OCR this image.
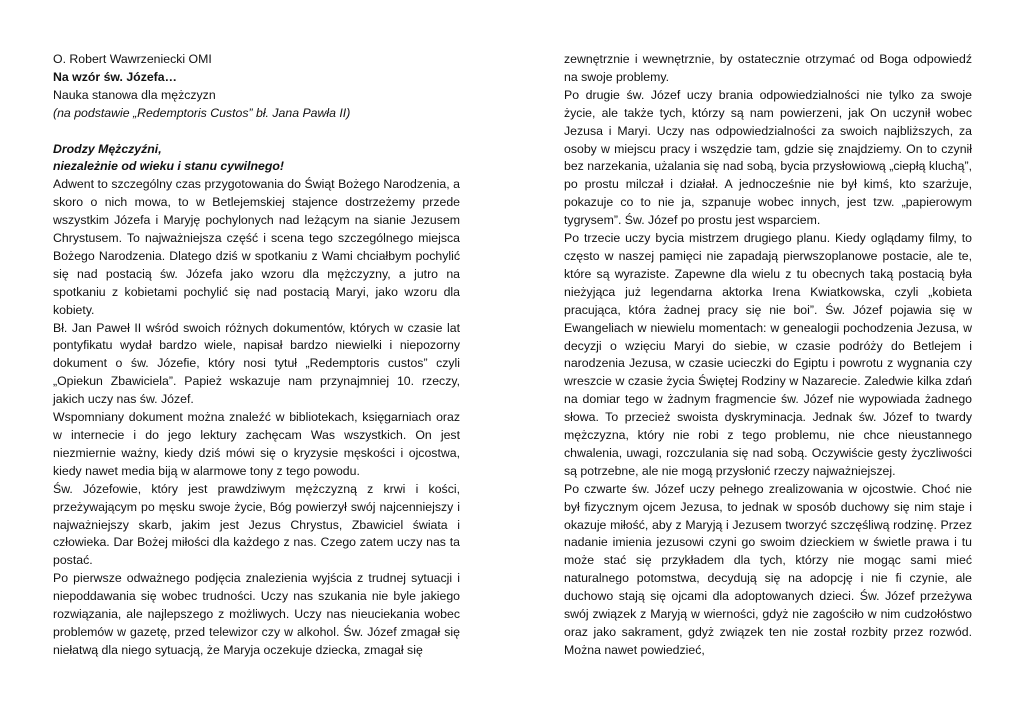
O. Robert Wawrzeniecki OMI

Na wzór św. Józefa…

Nauka stanowa dla mężczyzn

(na podstawie „Redemptoris Custos” bł. Jana Pawła II)

Drodzy Mężczyźni,

niezależnie od wieku i stanu cywilnego!

Adwent to szczególny czas przygotowania do Świąt Bożego Narodzenia, a skoro o nich mowa, to w Betlejemskiej stajence dostrzeżemy przede wszystkim Józefa i Maryję pochylonych nad leżącym na sianie Jezusem Chrystusem. To najważniejsza część i scena tego szczególnego miejsca Bożego Narodzenia. Dlatego dziś w spotkaniu z Wami chciałbym pochylić się nad postacią św. Józefa jako wzoru dla mężczyzny, a jutro na spotkaniu z kobietami pochylić się nad postacią Maryi, jako wzoru dla kobiety.

Bł. Jan Paweł II wśród swoich różnych dokumentów, których w czasie lat pontyfikatu wydał bardzo wiele, napisał bardzo niewielki i niepozorny dokument o św. Józefie, który nosi tytuł „Redemptoris custos” czyli „Opiekun Zbawiciela”. Papież wskazuje nam przynajmniej 10. rzeczy, jakich uczy nas św. Józef.

Wspomniany dokument można znaleźć w bibliotekach, księgarniach oraz w internecie i do jego lektury zachęcam Was wszystkich. On jest niezmiernie ważny, kiedy dziś mówi się o kryzysie męskości i ojcostwa, kiedy nawet media biją w alarmowe tony z tego powodu.

Św. Józefowie, który jest prawdziwym mężczyzną z krwi i kości, przeżywającym po męsku swoje życie, Bóg powierzył swój najcenniejszy i najważniejszy skarb, jakim jest Jezus Chrystus, Zbawiciel świata i człowieka. Dar Bożej miłości dla każdego z nas. Czego zatem uczy nas ta postać.

Po pierwsze odważnego podjęcia znalezienia wyjścia z trudnej sytuacji i niepoddawania się wobec trudności. Uczy nas szukania nie byle jakiego rozwiązania, ale najlepszego z możliwych. Uczy nas nieuciekania wobec problemów w gazetę, przed telewizor czy w alkohol. Św. Józef zmagał się niełatwą dla niego sytuacją, że Maryja oczekuje dziecka, zmagał się

zewnętrznie i wewnętrznie, by ostatecznie otrzymać od Boga odpowiedź na swoje problemy.

Po drugie św. Józef uczy brania odpowiedzialności nie tylko za swoje życie, ale także tych, którzy są nam powierzeni, jak On uczynił wobec Jezusa i Maryi. Uczy nas odpowiedzialności za swoich najbliższych, za osoby w miejscu pracy i wszędzie tam, gdzie się znajdziemy. On to czynił bez narzekania, użalania się nad sobą, bycia przysłowiową „ciepłą kluchą”, po prostu milczał i działał. A jednocześnie nie był kimś, kto szarżuje, pokazuje co to nie ja, szpanuje wobec innych, jest tzw. „papierowym tygrysem”. Św. Józef po prostu jest wsparciem.

Po trzecie uczy bycia mistrzem drugiego planu. Kiedy oglądamy filmy, to często w naszej pamięci nie zapadają pierwszoplanowe postacie, ale te, które są wyraziste. Zapewne dla wielu z tu obecnych taką postacią była nieżyjąca już legendarna aktorka Irena Kwiatkowska, czyli „kobieta pracująca, która żadnej pracy się nie boi”. Św. Józef pojawia się w Ewangeliach w niewielu momentach: w genealogii pochodzenia Jezusa, w decyzji o wzięciu Maryi do siebie, w czasie podróży do Betlejem i narodzenia Jezusa, w czasie ucieczki do Egiptu i powrotu z wygnania czy wreszcie w czasie życia Świętej Rodziny w Nazarecie. Zaledwie kilka zdań na domiar tego w żadnym fragmencie św. Józef nie wypowiada żadnego słowa. To przecież swoista dyskryminacja. Jednak św. Józef to twardy mężczyzna, który nie robi z tego problemu, nie chce nieustannego chwalenia, uwagi, rozczulania się nad sobą. Oczywiście gesty życzliwości są potrzebne, ale nie mogą przysłonić rzeczy najważniejszej.

Po czwarte św. Józef uczy pełnego zrealizowania w ojcostwie. Choć nie był fizycznym ojcem Jezusa, to jednak w sposób duchowy się nim staje i okazuje miłość, aby z Maryją i Jezusem tworzyć szczęśliwą rodzinę. Przez nadanie imienia jezusowi czyni go swoim dzieckiem w świetle prawa i tu może stać się przykładem dla tych, którzy nie mogąc sami mieć naturalnego potomstwa, decydują się na adopcję i nie fi czynie, ale duchowo stają się ojcami dla adoptowanych dzieci. Św. Józef przeżywa swój związek z Maryją w wierności, gdyż nie zagościło w nim cudzołóstwo oraz jako sakrament, gdyż związek ten nie został rozbity przez rozwód. Można nawet powiedzieć,
